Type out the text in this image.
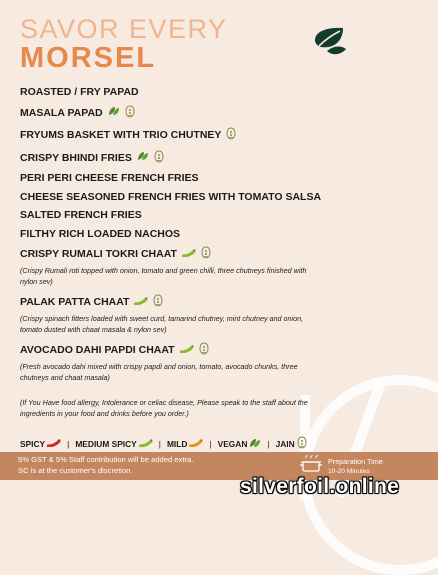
SAVOR EVERY
MORSEL
ROASTED / FRY PAPAD
MASALA PAPAD
FRYUMS BASKET WITH TRIO CHUTNEY
CRISPY BHINDI FRIES
PERI PERI CHEESE FRENCH FRIES
CHEESE SEASONED FRENCH FRIES WITH TOMATO SALSA
SALTED FRENCH FRIES
FILTHY RICH LOADED NACHOS
CRISPY RUMALI TOKRI CHAAT
(Crispy Rumali roti topped with onion, tomato and green chilli, three chutneys finished with nylon sev)
PALAK PATTA CHAAT
(Crispy spinach fitters loaded with sweet curd, tamarind chutney, mint chutney and onion, tomato dusted with chaat masala & nylon sev)
AVOCADO DAHI PAPDI CHAAT
(Fresh avocado dahi mixed with crispy papdi and onion, tomato, avocado chunks, three chutneys and chaat masala)
(If You Have food allergy, Intolerance or celiac disease, Please speak to the staff about the ingredients in your food and drinks before you order.)
SPICY	| MEDIUM SPICY	| MILD	| VEGAN | JAIN
5% GST & 5% Staff contribution will be added extra.
SC is at the customer's discretion.
Preparation Time
10-20 Minutes
silverfoil.online
